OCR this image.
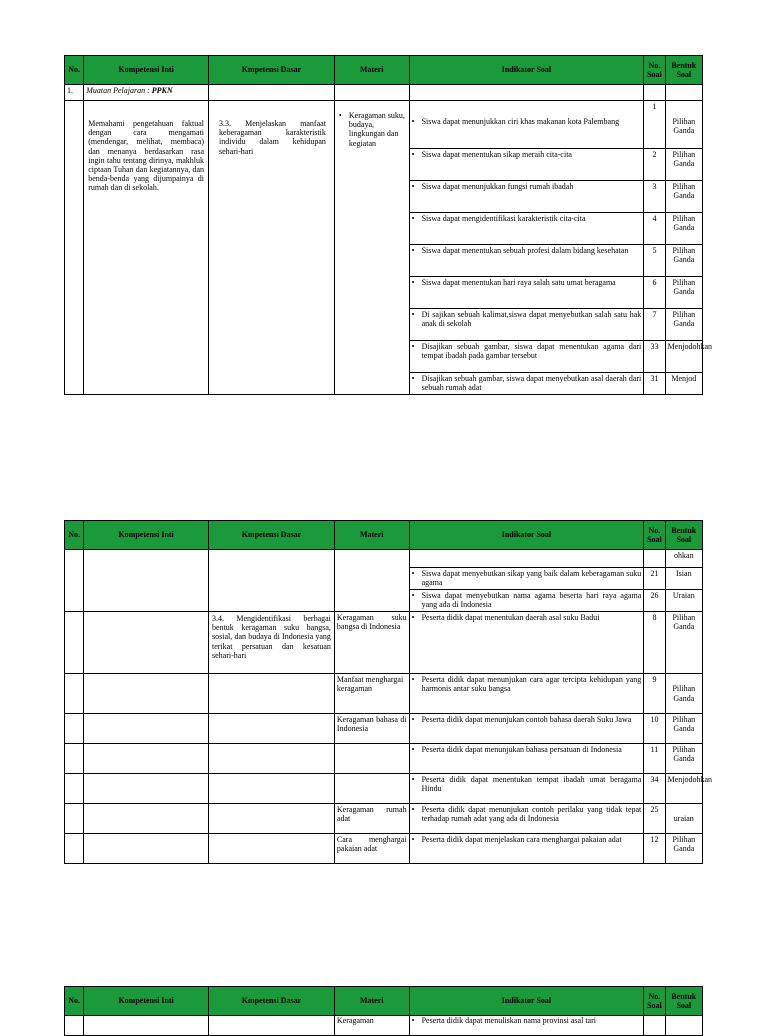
No.	Kompetensi Inti	Kmpetensi Dasar	Materi	Indikator Soal	No. Soal	Bentuk Soal
1.	Muatan Pelajaran : PPKN					
	Memahami pengetahuan faktual dengan cara mengamati (mendengar, melihat, membaca) dan menanya berdasarkan rasa ingin tahu tentang dirinya, makhluk ciptaan Tuhan dan kegiatannya, dan benda-benda yang dijumpainya di rumah dan di sekolah.	3.3. Menjelaskan manfaat keberagaman karakteristik individu dalam kehidupan sehari-hari	• Keragaman suku, budaya, lingkungan dan kegiatan	• Siswa dapat menunjukkan ciri khas makanan kota Palembang	1	Pilihan Ganda

				• Siswa dapat menentukan sikap meraih cita-cita	2	Pilihan Ganda

				• Siswa dapat menunjukkan fungsi rumah ibadah	3	Pilihan Ganda

				• Siswa dapat mengidentifikasi karakteristik cita-cita	4	Pilihan Ganda

				• Siswa dapat menentukan sebuah profesi dalam bidang kesehatan	5	Pilihan Ganda

				• Siswa dapat menentukan hari raya salah satu umat beragama	6	Pilihan Ganda

				• Di sajikan sebuah kalimat,siswa dapat menyebutkan salah satu hak anak di sekolah	7	Pilihan Ganda

				• Disajikan sebuah gambar, siswa dapat menentukan agama dari tempat ibadah pada gambar tersebut	33	Menjodohkan

				• Disajikan sebuah gambar, siswa dapat menyebutkan asal daerah dari sebuah rumah adat	31	Menjod
No.	Kompetensi Inti	Kmpetensi Dasar	Materi	Indikator Soal	No. Soal	Bentuk Soal
						ohkan

				• Siswa dapat menyebutkan sikap yang baik dalam keberagaman suku agama	21	Isian

				• Siswa dapat menyebutkan nama agama beserta hari raya agama yang ada di Indonesia	26	Uraian
		3.4. Mengidentifikasi berbagai bentuk keragaman suku bangsa, sosial, dan budaya di Indonesia yang terikat persatuan dan kesatuan sehari-hari	Keragaman suku bangsa di Indonesia	• Peserta didik dapat menentukan daerah asal suku Badui	8	Pilihan Ganda
			Manfaat menghargai keragaman	• Peserta didik dapat menunjukan cara agar tercipta kehidupan yang harmonis antar suku bangsa	9	Pilihan Ganda
			Keragaman bahasa di Indonesia	• Peserta didik dapat menunjukan contoh bahasa daerah Suku Jawa	10	Pilihan Ganda

				• Peserta didik dapat menunjukan bahasa persatuan di Indonesia	11	Pilihan Ganda

				• Peserta didik dapat menentukan tempat ibadah umat beragama Hindu	34	Menjodohkan
			Keragaman rumah adat	• Peserta didik dapat menunjukan contoh perilaku yang tidak tepat terhadap rumah adat yang ada di Indonesia	25	uraian
			Cara menghargai pakaian adat	• Peserta didik dapat menjelaskan cara menghargai pakaian adat	12	Pilihan Ganda
No.	Kompetensi Inti	Kmpetensi Dasar	Materi	Indikator Soal	No. Soal	Bentuk Soal
			Keragaman	• Peserta didik dapat menuliskan nama provinsi asal tari		
